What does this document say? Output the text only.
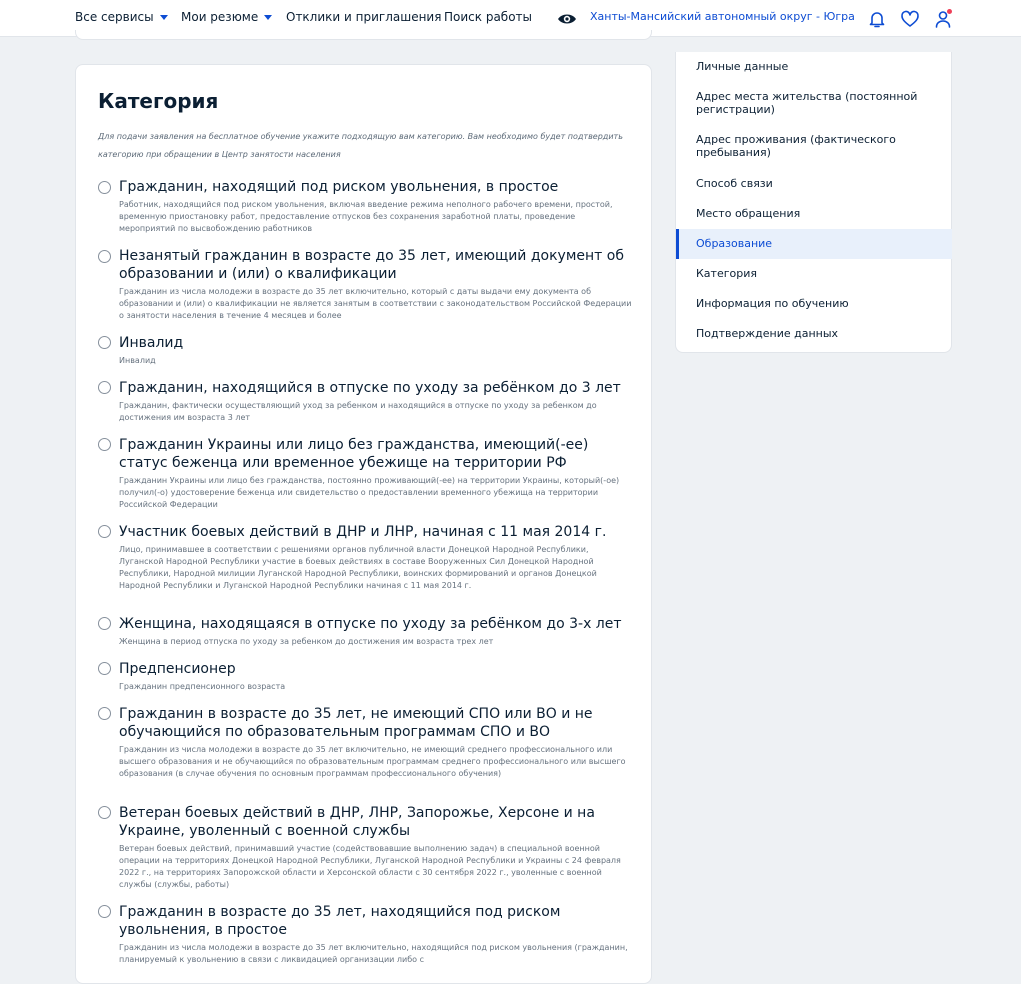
Все сервисы Мои резюме Отклики и приглашения Поиск работы	Ханты-Мансийский автономный округ - Югра
Категория
Для подачи заявления на бесплатное обучение укажите подходящую вам категорию. Вам необходимо будет подтвердить категорию при обращении в Центр занятости населения
Гражданин, находящий под риском увольнения, в простое
Работник, находящийся под риском увольнения, включая введение режима неполного рабочего времени, простой, временную приостановку работ, предоставление отпусков без сохранения заработной платы, проведение мероприятий по высвобождению работников
Незанятый гражданин в возрасте до 35 лет, имеющий документ об образовании и (или) о квалификации
Гражданин из числа молодежи в возрасте до 35 лет включительно, который с даты выдачи ему документа об образовании и (или) о квалификации не является занятым в соответствии с законодательством Российской Федерации о занятости населения в течение 4 месяцев и более
Инвалид
Инвалид
Гражданин, находящийся в отпуске по уходу за ребёнком до 3 лет
Гражданин, фактически осуществляющий уход за ребенком и находящийся в отпуске по уходу за ребенком до достижения им возраста 3 лет
Гражданин Украины или лицо без гражданства, имеющий(-ее) статус беженца или временное убежище на территории РФ
Гражданин Украины или лицо без гражданства, постоянно проживающий(-ее) на территории Украины, который(-ое) получил(-о) удостоверение беженца или свидетельство о предоставлении временного убежища на территории Российской Федерации
Участник боевых действий в ДНР и ЛНР, начиная с 11 мая 2014 г.
Лицо, принимавшее в соответствии с решениями органов публичной власти Донецкой Народной Республики, Луганской Народной Республики участие в боевых действиях в составе Вооруженных Сил Донецкой Народной Республики, Народной милиции Луганской Народной Республики, воинских формирований и органов Донецкой Народной Республики и Луганской Народной Республики начиная с 11 мая 2014 г.
Женщина, находящаяся в отпуске по уходу за ребёнком до 3-х лет
Женщина в период отпуска по уходу за ребенком до достижения им возраста трех лет
Предпенсионер
Гражданин предпенсионного возраста
Гражданин в возрасте до 35 лет, не имеющий СПО или ВО и не обучающийся по образовательным программам СПО и ВО
Гражданин из числа молодежи в возрасте до 35 лет включительно, не имеющий среднего профессионального или высшего образования и не обучающийся по образовательным программам среднего профессионального или высшего образования (в случае обучения по основным программам профессионального обучения)
Ветеран боевых действий в ДНР, ЛНР, Запорожье, Херсоне и на Украине, уволенный с военной службы
Ветеран боевых действий, принимавший участие (содействовавшие выполнению задач) в специальной военной операции на территориях Донецкой Народной Республики, Луганской Народной Республики и Украины с 24 февраля 2022 г., на территориях Запорожской области и Херсонской области с 30 сентября 2022 г., уволенные с военной службы (службы, работы)
Гражданин в возрасте до 35 лет, находящийся под риском увольнения, в простое
Гражданин из числа молодежи в возрасте до 35 лет включительно, находящийся под риском увольнения (гражданин, планируемый к увольнению в связи с ликвидацией организации либо с
Личные данные
Адрес места жительства (постоянной регистрации)
Адрес проживания (фактического пребывания)
Способ связи
Место обращения
Образование
Категория
Информация по обучению
Подтверждение данных
